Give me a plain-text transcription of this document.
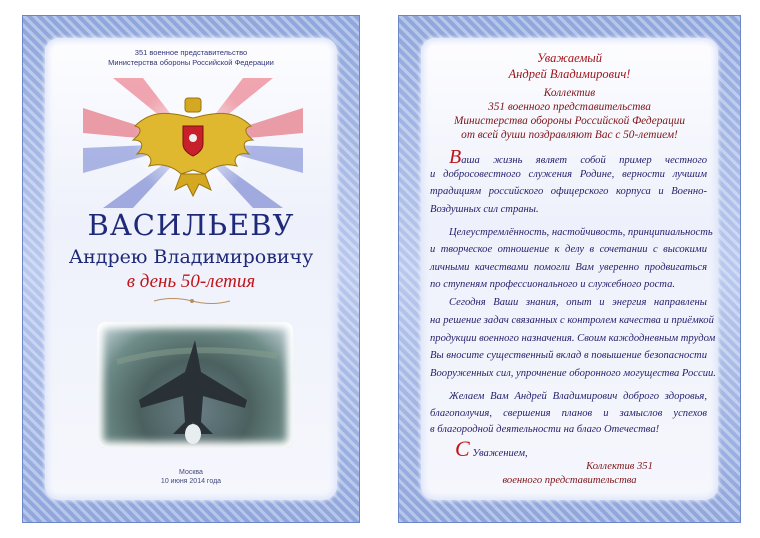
351 военное представительство
Министерства обороны Российской Федерации
ВАСИЛЬЕВУ
Андрею Владимировичу
в день 50-летия
Москва
10 июня 2014 года
Уважаемый
Андрей Владимирович!
Коллектив
351 военного представительства
Министерства обороны Российской Федерации
от всей души поздравляют Вас с 50-летием!
Ваша жизнь являет собой пример честного
и добросовестного служения Родине, верности лучшим
традициям российского офицерского корпуса и Военно-
Воздушных сил страны.
Целеустремлённость, настойчивость, принципиальность
и творческое отношение к делу в сочетании с высокими
личными качествами помогли Вам уверенно продвигаться
по ступеням профессионального и служебного роста.
Сегодня Ваши знания, опыт и энергия направлены
на решение задач связанных с контролем качества и приёмкой
продукции военного назначения. Своим каждодневным трудом
Вы вносите существенный вклад в повышение безопасности
Вооруженных сил, упрочнение оборонного могущества России.
Желаем Вам Андрей Владимирович доброго здоровья,
благополучия, свершения планов и замыслов успехов
в благородной деятельности на благо Отечества!
С Уважением,
Коллектив 351
военного представительства
